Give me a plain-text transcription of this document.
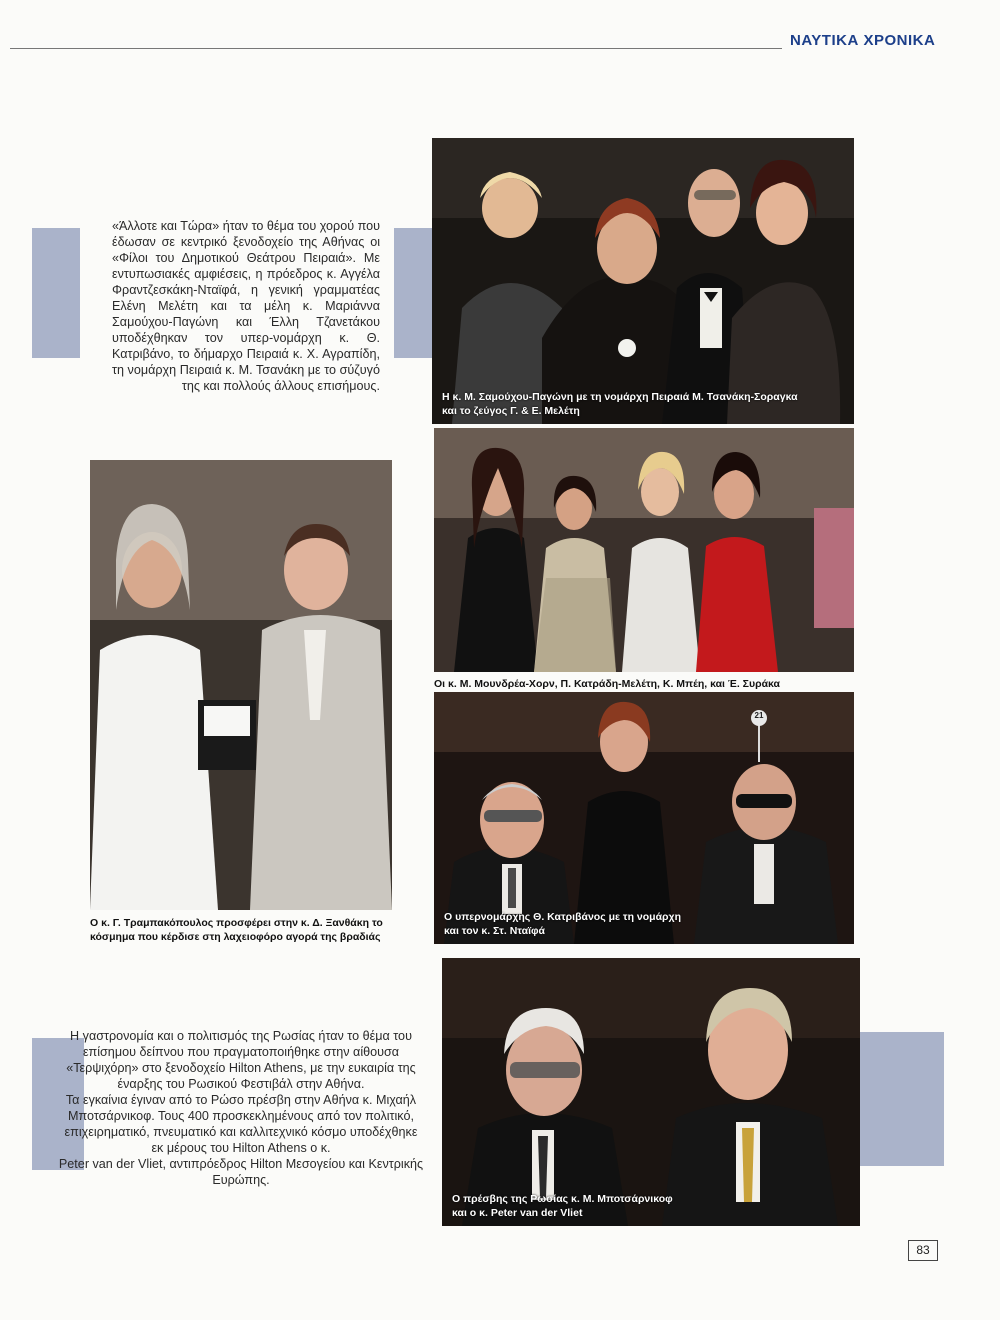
ΝΑΥΤΙΚΑ ΧΡΟΝΙΚΑ

«Άλλοτε και Τώρα» ήταν το θέμα του χορού που έδωσαν σε κεντρικό ξενοδοχείο της Αθήνας οι «Φίλοι του Δημοτικού Θεάτρου Πειραιά». Με εντυπωσιακές αμφιέσεις, η πρόεδρος κ. Αγγέλα Φραντζεσκάκη-Νταϊφά, η γενική γραμματέας Ελένη Μελέτη και τα μέλη κ. Μαριάννα Σαμούχου-Παγώνη και Έλλη Τζανετάκου υποδέχθηκαν τον υπερ-νομάρχη κ. Θ. Κατριβάνο, το δήμαρχο Πειραιά κ. Χ. Αγραπίδη, τη νομάρχη Πειραιά κ. Μ. Τσανάκη με το σύζυγό της και πολλούς άλλους επισήμους.

Η κ. Μ. Σαμούχου-Παγώνη με τη νομάρχη Πειραιά Μ. Τσανάκη-Σοραγκα
και το ζεύγος Γ. & Ε. Μελέτη
Οι κ. Μ. Μουνδρέα-Χορν, Π. Κατράδη-Μελέτη, Κ. Μπέη, και Έ. Συράκα
Ο κ. Γ. Τραμπακόπουλος προσφέρει στην κ. Δ. Ξανθάκη το
κόσμημα που κέρδισε στη λαχειοφόρο αγορά της βραδιάς
21
Ο υπερνομάρχης Θ. Κατριβάνος με τη νομάρχη
και τον κ. Στ. Νταϊφά
Ο πρέσβης της Ρωσίας κ. Μ. Μποτσάρνικοφ
και ο κ. Peter van der Vliet

Η γαστρονομία και ο πολιτισμός της Ρωσίας ήταν το θέμα του επίσημου δείπνου που πραγματοποιήθηκε στην αίθουσα «Τερψιχόρη» στο ξενοδοχείο Hilton Athens, με την ευκαιρία της έναρξης του Ρωσικού Φεστιβάλ στην Αθήνα.

Τα εγκαίνια έγιναν από το Ρώσο πρέσβη στην Αθήνα κ. Μιχαήλ Μποτσάρνικοφ. Τους 400 προσκεκλημένους από τον πολιτικό, επιχειρηματικό, πνευματικό και καλλιτεχνικό κόσμο υποδέχθηκε εκ μέρους του Hilton Athens ο κ.

Peter van der Vliet, αντιπρόεδρος Hilton Μεσογείου και Κεντρικής Ευρώπης.

83
